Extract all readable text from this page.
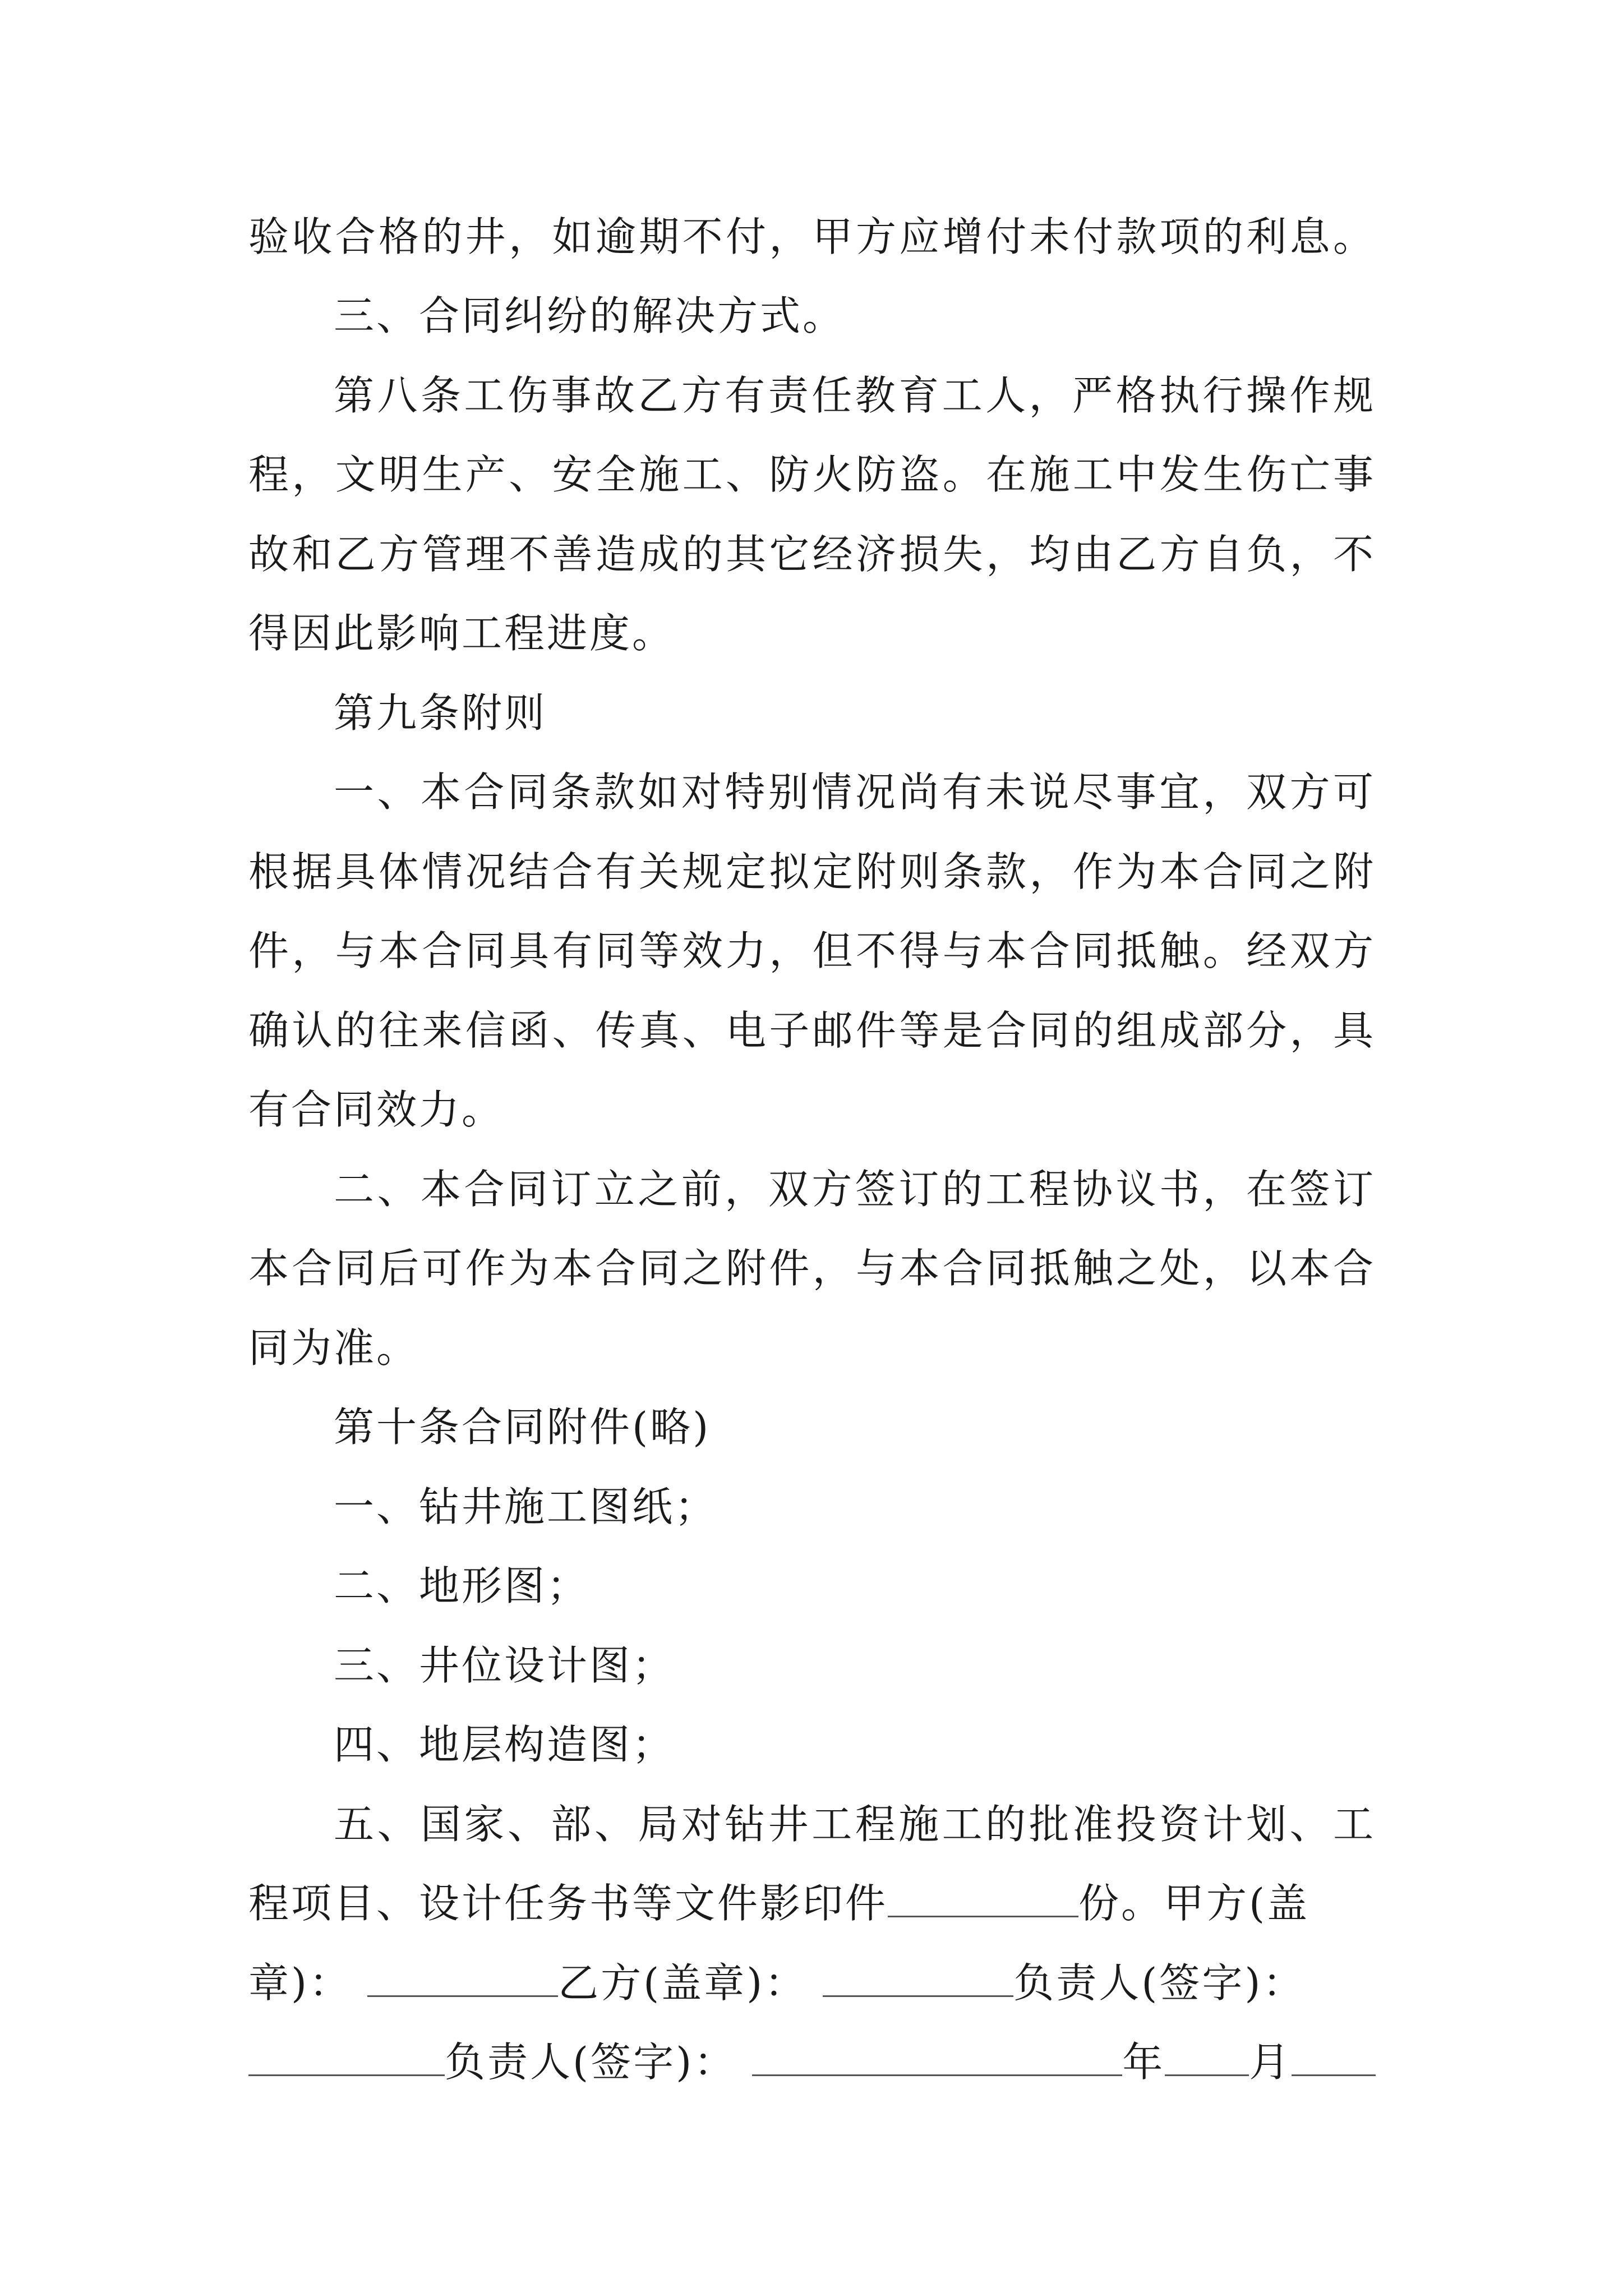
验收合格的井，如逾期不付，甲方应增付未付款项的利息。
三、合同纠纷的解决方式。
第八条工伤事故乙方有责任教育工人，严格执行操作规
程，文明生产、安全施工、防火防盗。在施工中发生伤亡事
故和乙方管理不善造成的其它经济损失，均由乙方自负，不
得因此影响工程进度。
第九条附则
一、本合同条款如对特别情况尚有未说尽事宜，双方可
根据具体情况结合有关规定拟定附则条款，作为本合同之附
件，与本合同具有同等效力，但不得与本合同抵触。经双方
确认的往来信函、传真、电子邮件等是合同的组成部分，具
有合同效力。
二、本合同订立之前，双方签订的工程协议书，在签订
本合同后可作为本合同之附件，与本合同抵触之处，以本合
同为准。
第十条合同附件(略)
一、钻井施工图纸；
二、地形图；
三、井位设计图；
四、地层构造图；
五、国家、部、局对钻井工程施工的批准投资计划、工
程项目、设计任务书等文件影印件	份。甲方(盖
章)：	乙方(盖章)：	负责人(签字)：
负责人(签字)：	年 月
